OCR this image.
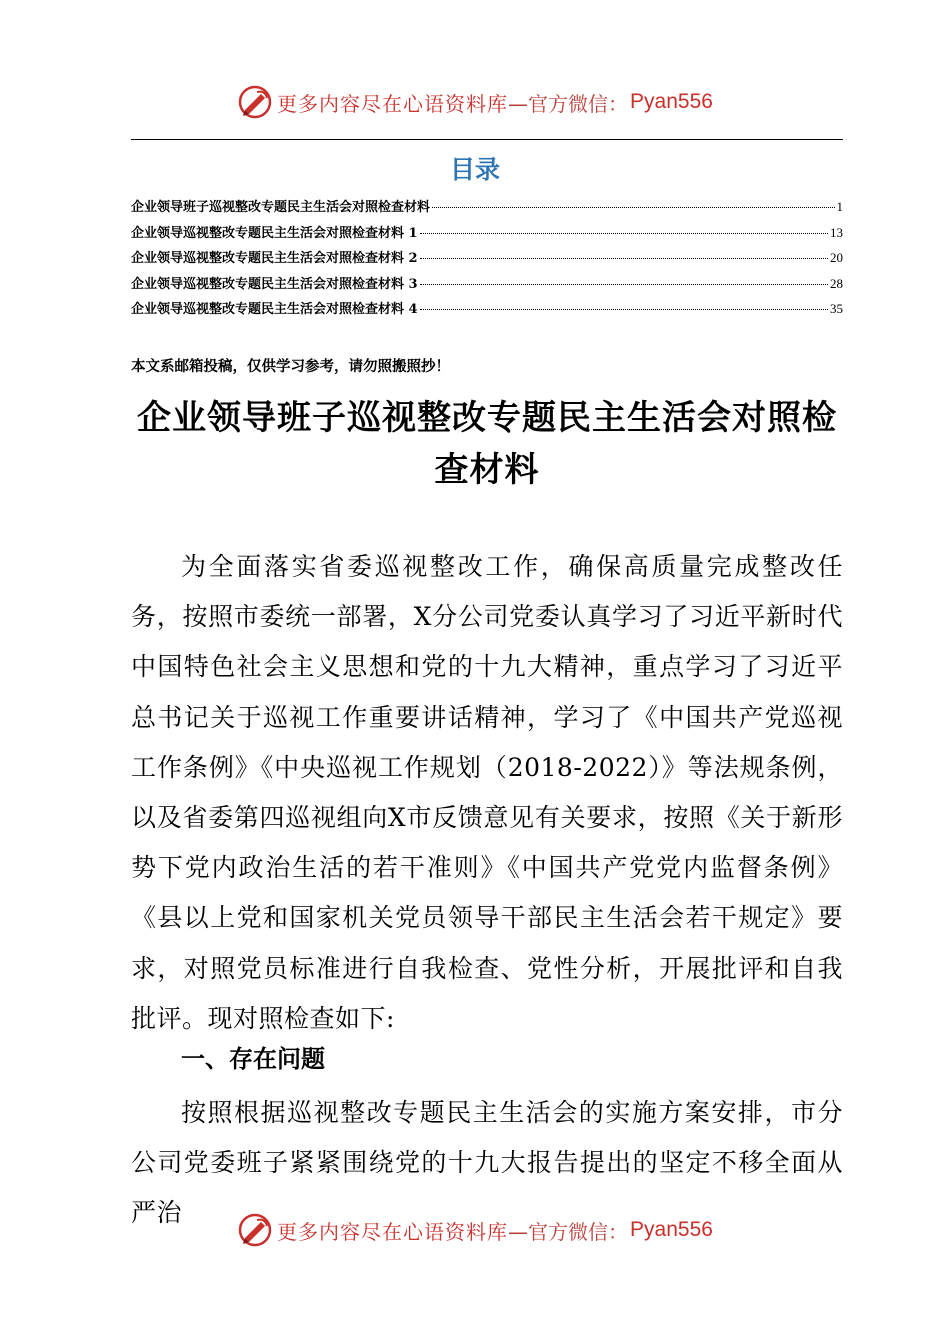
更多内容尽在心语资料库 —官方微信： Pyan556
目录
企业领导班子巡视整改专题民主生活会对照检查材料	1
企业领导巡视整改专题民主生活会对照检查材料 1	13
企业领导巡视整改专题民主生活会对照检查材料 2	20
企业领导巡视整改专题民主生活会对照检查材料 3	28
企业领导巡视整改专题民主生活会对照检查材料 4	35
本文系邮箱投稿，仅供学习参考，请勿照搬照抄！
企业领导班子巡视整改专题民主生活会对照检查材料
为全面落实省委巡视整改工作，确保高质量完成整改任务，按照市委统一部署，X分公司党委认真学习了习近平新时代中国特色社会主义思想和党的十九大精神，重点学习了习近平总书记关于巡视工作重要讲话精神，学习了《中国共产党巡视工作条例》《中央巡视工作规划（2018-2022）》等法规条例，以及省委第四巡视组向X市反馈意见有关要求，按照《关于新形势下党内政治生活的若干准则》《中国共产党党内监督条例》《县以上党和国家机关党员领导干部民主生活会若干规定》要求，对照党员标准进行自我检查、党性分析，开展批评和自我批评。现对照检查如下:
一、存在问题
按照根据巡视整改专题民主生活会的实施方案安排，市分公司党委班子紧紧围绕党的十九大报告提出的坚定不移全面从严治
更多内容尽在心语资料库 —官方微信： Pyan556
